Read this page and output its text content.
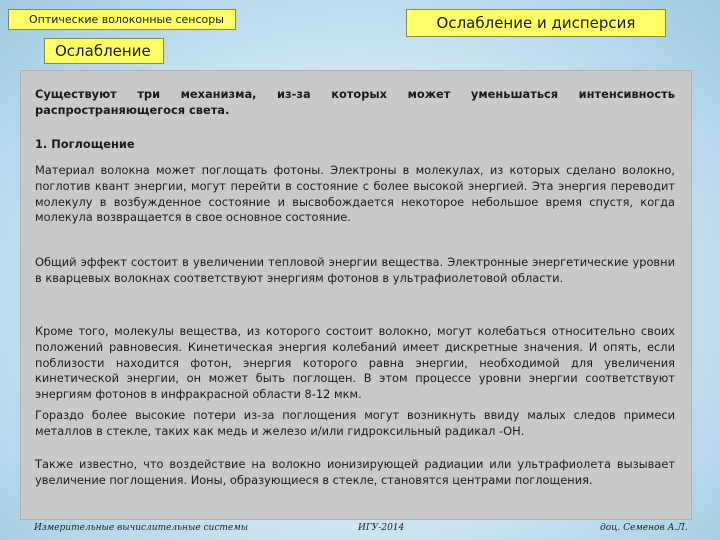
Оптические волоконные сенсоры	Ослабление и дисперсия
Ослабление
Существуют три механизма, из-за которых может уменьшаться интенсивность
распространяющегося света.

1. Поглощение

Материал волокна может поглощать фотоны. Электроны в молекулах, из которых сделано волокно, поглотив квант энергии, могут перейти в состояние с более высокой энергией. Эта энергия переводит молекулу в возбужденное состояние и высвобождается некоторое небольшое время спустя, когда молекула возвращается в свое основное состояние.

Общий эффект состоит в увеличении тепловой энергии вещества. Электронные энергетические уровни в кварцевых волокнах соответствуют энергиям фотонов в ультрафиолетовой области.

Кроме того, молекулы вещества, из которого состоит волокно, могут колебаться относительно своих положений равновесия. Кинетическая энергия колебаний имеет дискретные значения. И опять, если поблизости находится фотон, энергия которого равна энергии, необходимой для увеличения кинетической энергии, он может быть поглощен. В этом процессе уровни энергии соответствуют энергиям фотонов в инфракрасной области 8-12 мкм.

Гораздо более высокие потери из-за поглощения могут возникнуть ввиду малых следов примеси металлов в стекле, таких как медь и железо и/или гидроксильный радикал -ОН.

Также известно, что воздействие на волокно ионизирующей радиации или ультрафиолета вызывает увеличение поглощения. Ионы, образующиеся в стекле, становятся центрами поглощения.

Измерительные вычислительные системы	ИГУ-2014	доц. Семенов А.Л.
